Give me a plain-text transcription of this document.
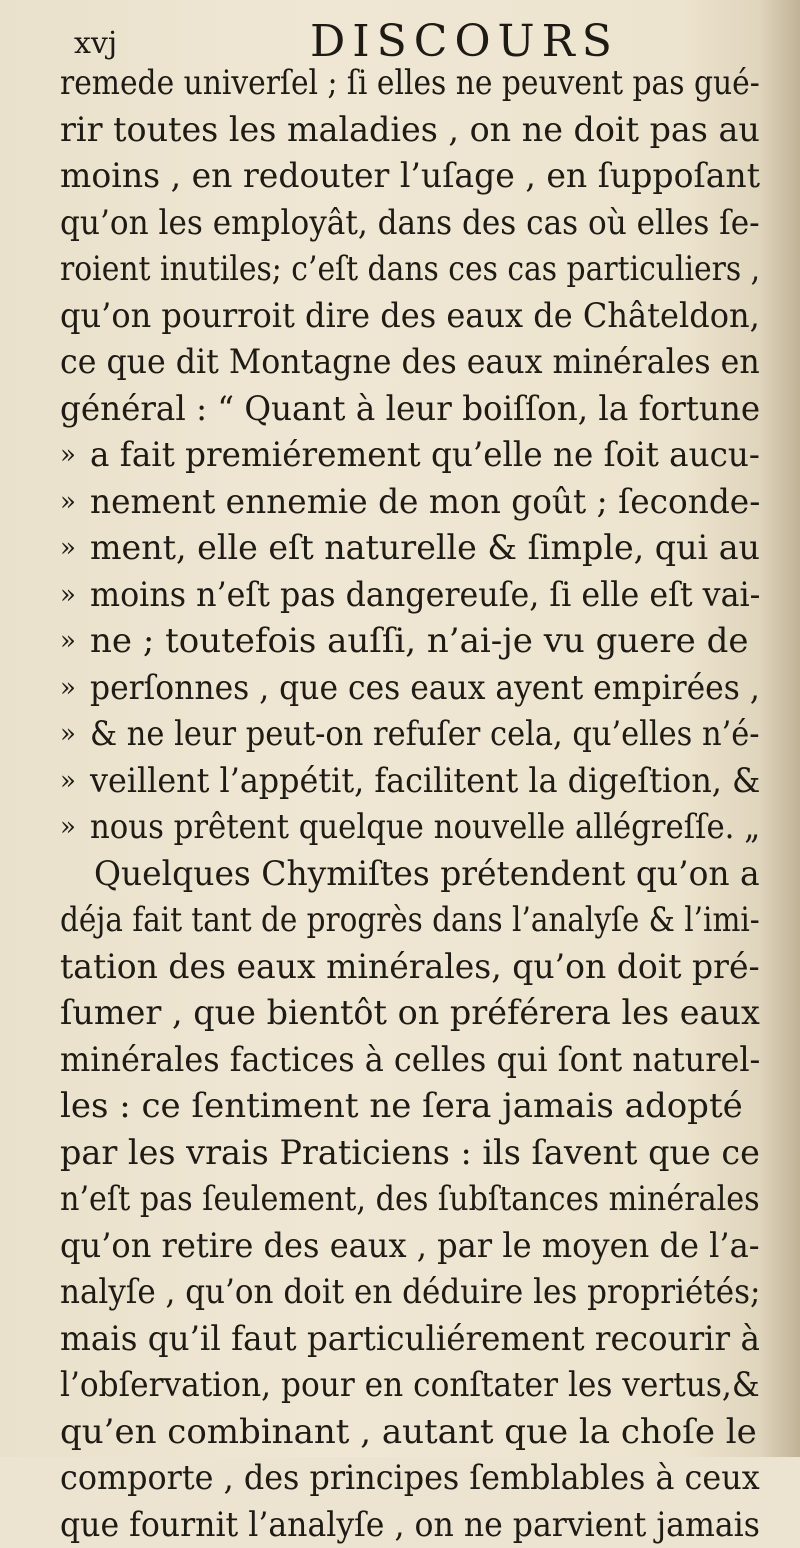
xvj	DISCOURS
remede univerſel ; ſi elles ne peuvent pas gué-
rir toutes les maladies , on ne doit pas au
moins , en redouter l’uſage , en ſuppoſant
qu’on les employât, dans des cas où elles ſe-
roient inutiles; c’eſt dans ces cas particuliers ,
qu’on pourroit dire des eaux de Châteldon,
ce que dit Montagne des eaux minérales en
général : “ Quant à leur boiſſon, la fortune
» a fait premiérement qu’elle ne ſoit aucu-
» nement ennemie de mon goût ; ſeconde-
» ment, elle eſt naturelle & ſimple, qui au
» moins n’eſt pas dangereuſe, ſi elle eſt vai-
» ne ; toutefois auſſi, n’ai-je vu guere de
» perſonnes , que ces eaux ayent empirées ,
» & ne leur peut-on refuſer cela, qu’elles n’é-
» veillent l’appétit, facilitent la digeſtion, &
» nous prêtent quelque nouvelle allégreſſe. „
Quelques Chymiſtes prétendent qu’on a
déja fait tant de progrès dans l’analyſe & l’imi-
tation des eaux minérales, qu’on doit pré-
ſumer , que bientôt on préférera les eaux
minérales factices à celles qui ſont naturel-
les : ce ſentiment ne ſera jamais adopté
par les vrais Praticiens : ils ſavent que ce
n’eſt pas ſeulement, des ſubſtances minérales
qu’on retire des eaux , par le moyen de l’a-
nalyſe , qu’on doit en déduire les propriétés;
mais qu’il faut particuliérement recourir à
l’obſervation, pour en conſtater les vertus,&
qu’en combinant , autant que la choſe le
comporte , des principes ſemblables à ceux
que fournit l’analyſe , on ne parvient jamais
